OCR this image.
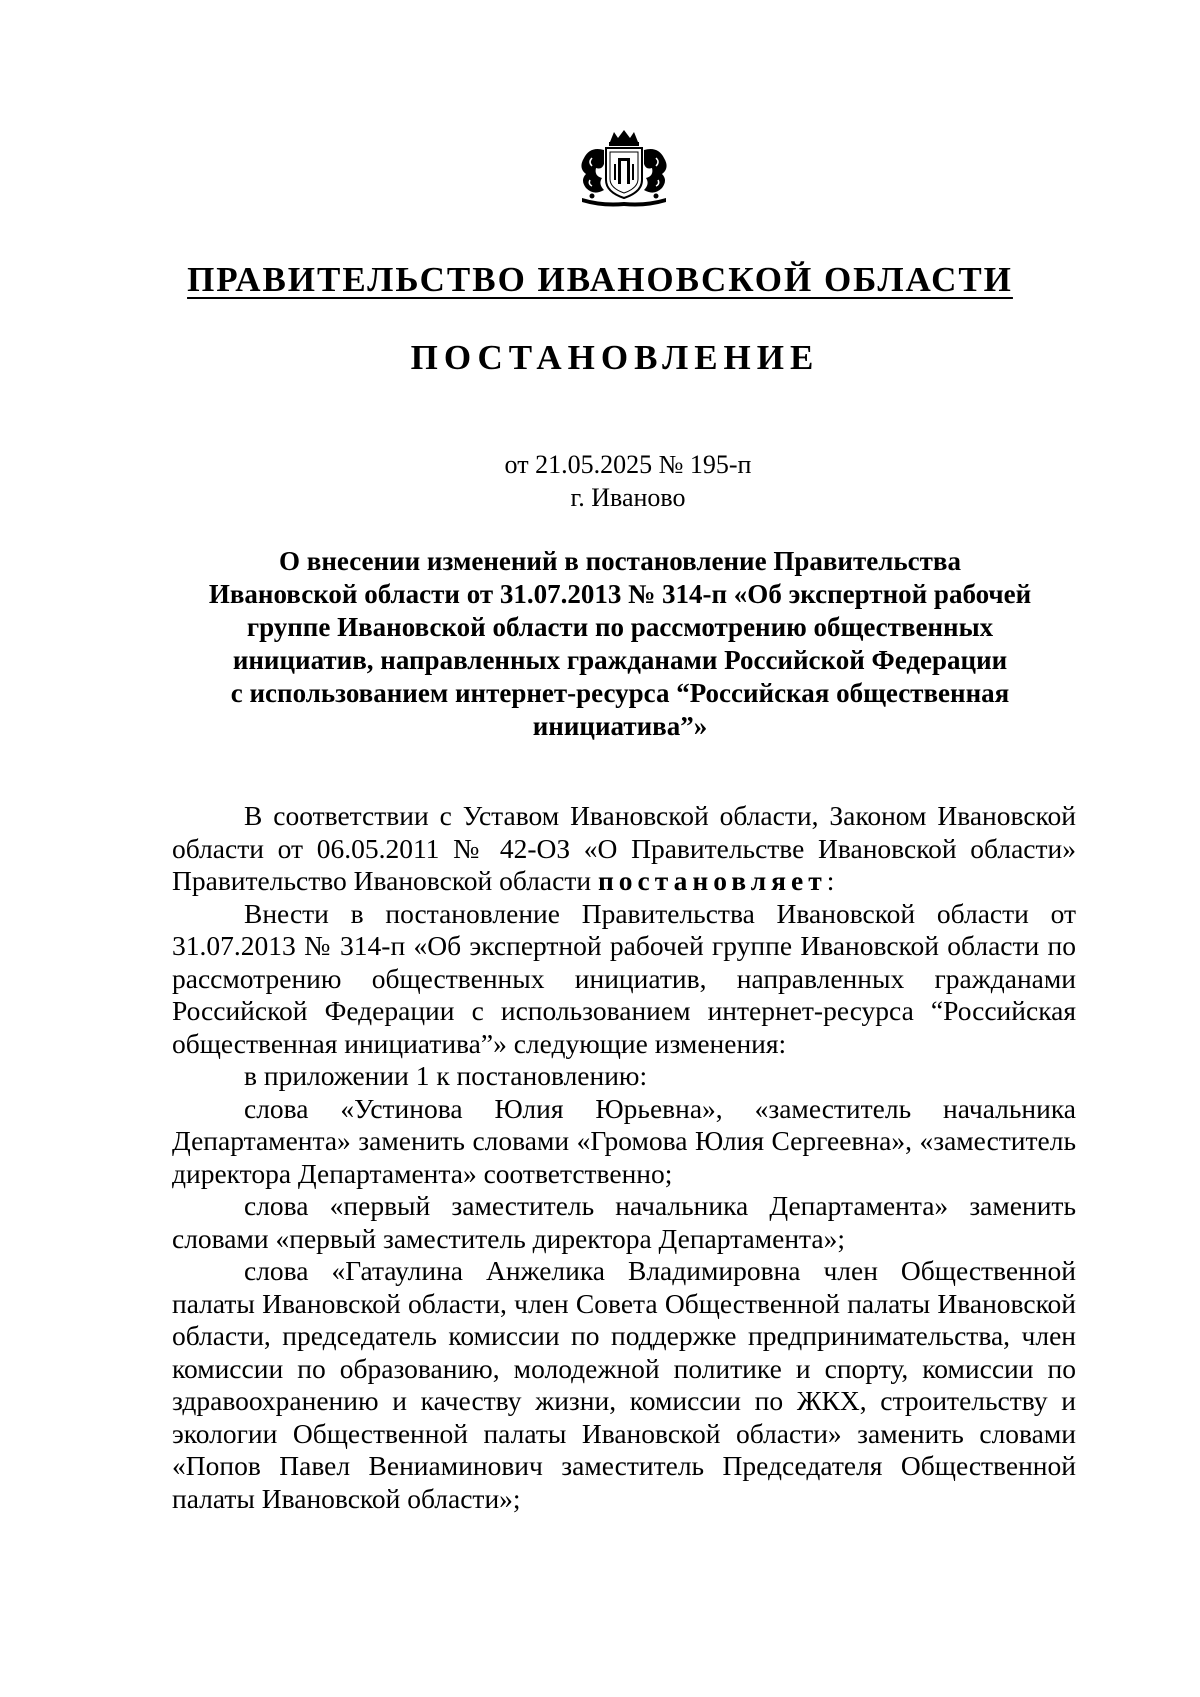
ПРАВИТЕЛЬСТВО ИВАНОВСКОЙ ОБЛАСТИ
ПОСТАНОВЛЕНИЕ
от 21.05.2025 № 195-п
г. Иваново
О внесении изменений в постановление Правительства
Ивановской области от 31.07.2013 № 314-п «Об экспертной рабочей
группе Ивановской области по рассмотрению общественных
инициатив, направленных гражданами Российской Федерации
с использованием интернет-ресурса “Российская общественная
инициатива”»

В соответствии с Уставом Ивановской области, Законом Ивановской области от 06.05.2011 № 42-ОЗ «О Правительстве Ивановской области» Правительство Ивановской области постановляет:

Внести в постановление Правительства Ивановской области от 31.07.2013 № 314-п «Об экспертной рабочей группе Ивановской области по рассмотрению общественных инициатив, направленных гражданами Российской Федерации с использованием интернет-ресурса “Российская общественная инициатива”» следующие изменения:

в приложении 1 к постановлению:

слова «Устинова Юлия Юрьевна», «заместитель начальника Департамента» заменить словами «Громова Юлия Сергеевна», «заместитель директора Департамента» соответственно;

слова «первый заместитель начальника Департамента» заменить словами «первый заместитель директора Департамента»;

слова «Гатаулина Анжелика Владимировна член Общественной палаты Ивановской области, член Совета Общественной палаты Ивановской области, председатель комиссии по поддержке предпринимательства, член комиссии по образованию, молодежной политике и спорту, комиссии по здравоохранению и качеству жизни, комиссии по ЖКХ, строительству и экологии Общественной палаты Ивановской области» заменить словами «Попов Павел Вениаминович заместитель Председателя Общественной палаты Ивановской области»;
